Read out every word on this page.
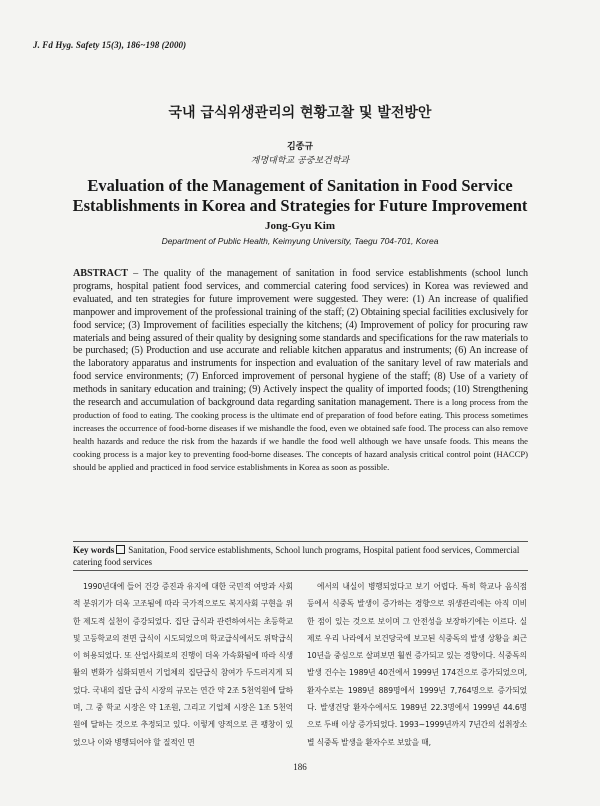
J. Fd Hyg. Safety 15(3), 186~198 (2000)
국내 급식위생관리의 현황고찰 및 발전방안
김종규
계명대학교 공중보건학과
Evaluation of the Management of Sanitation in Food Service
Establishments in Korea and Strategies for Future Improvement
Jong-Gyu Kim
Department of Public Health, Keimyung University, Taegu 704-701, Korea
ABSTRACT – The quality of the management of sanitation in food service establishments (school lunch programs, hospital patient food services, and commercial catering food services) in Korea was reviewed and evaluated, and ten strategies for future improvement were suggested. They were: (1) An increase of qualified manpower and improvement of the professional training of the staff; (2) Obtaining special facilities exclusively for food service; (3) Improvement of facilities especially the kitchens; (4) Improvement of policy for procuring raw materials and being assured of their quality by designing some standards and specifications for the raw materials to be purchased; (5) Production and use accurate and reliable kitchen apparatus and instruments; (6) An increase of the laboratory apparatus and instruments for inspection and evaluation of the sanitary level of raw materials and food service environments; (7) Enforced improvement of personal hygiene of the staff; (8) Use of a variety of methods in sanitary education and training; (9) Actively inspect the quality of imported foods; (10) Strengthening the research and accumulation of background data regarding sanitation management. There is a long process from the production of food to eating. The cooking process is the ultimate end of preparation of food before eating. This process sometimes increases the occurrence of food-borne diseases if we mishandle the food, even we obtained safe food. The process can also remove health hazards and reduce the risk from the hazards if we handle the food well although we have unsafe foods. This means the cooking process is a major key to preventing food-borne diseases. The concepts of hazard analysis critical control point (HACCP) should be applied and practiced in food service establishments in Korea as soon as possible.
Key words Sanitation, Food service establishments, School lunch programs, Hospital patient food services, Commercial catering food services

1990년대에 들어 건강 증진과 유지에 대한 국민적 여망과 사회적 분위기가 더욱 고조됨에 따라 국가적으로도 복지사회 구현을 위한 제도적 실천이 증강되었다. 집단 급식과 관련하여서는 초등학교 및 고등학교의 전면 급식이 시도되었으며 학교급식에서도 위탁급식이 허용되었다. 또 산업사회로의 진행이 더욱 가속화됨에 따라 식생활의 변화가 심화되면서 기업체의 집단급식 참여가 두드러지게 되었다. 국내의 집단 급식 시장의 규모는 연간 약 2조 5천억원에 달하며, 그 중 학교 시장은 약 1조원, 그리고 기업체 시장은 1조 5천억원에 달하는 것으로 추정되고 있다. 이렇게 양적으로 큰 팽창이 있었으나 이와 병행되어야 할 질적인 면

에서의 내실이 병행되었다고 보기 어렵다. 특히 학교나 음식점 등에서 식중독 발생이 증가하는 경향으로 위생관리에는 아직 미비한 점이 있는 것으로 보이며 그 안전성을 보장하기에는 이르다. 실제로 우리 나라에서 보건당국에 보고된 식중독의 발생 상황을 최근 10년을 중심으로 살펴보면 훨씬 증가되고 있는 경향이다. 식중독의 발생 건수는 1989년 40건에서 1999년 174건으로 증가되었으며, 환자수로는 1989년 889명에서 1999년 7,764명으로 증가되었다. 발생건당 환자수에서도 1989년 22.3명에서 1999년 44.6명으로 두배 이상 증가되었다. 1993~1999년까지 7년간의 섭취장소별 식중독 발생을 환자수로 보았을 때,

186
